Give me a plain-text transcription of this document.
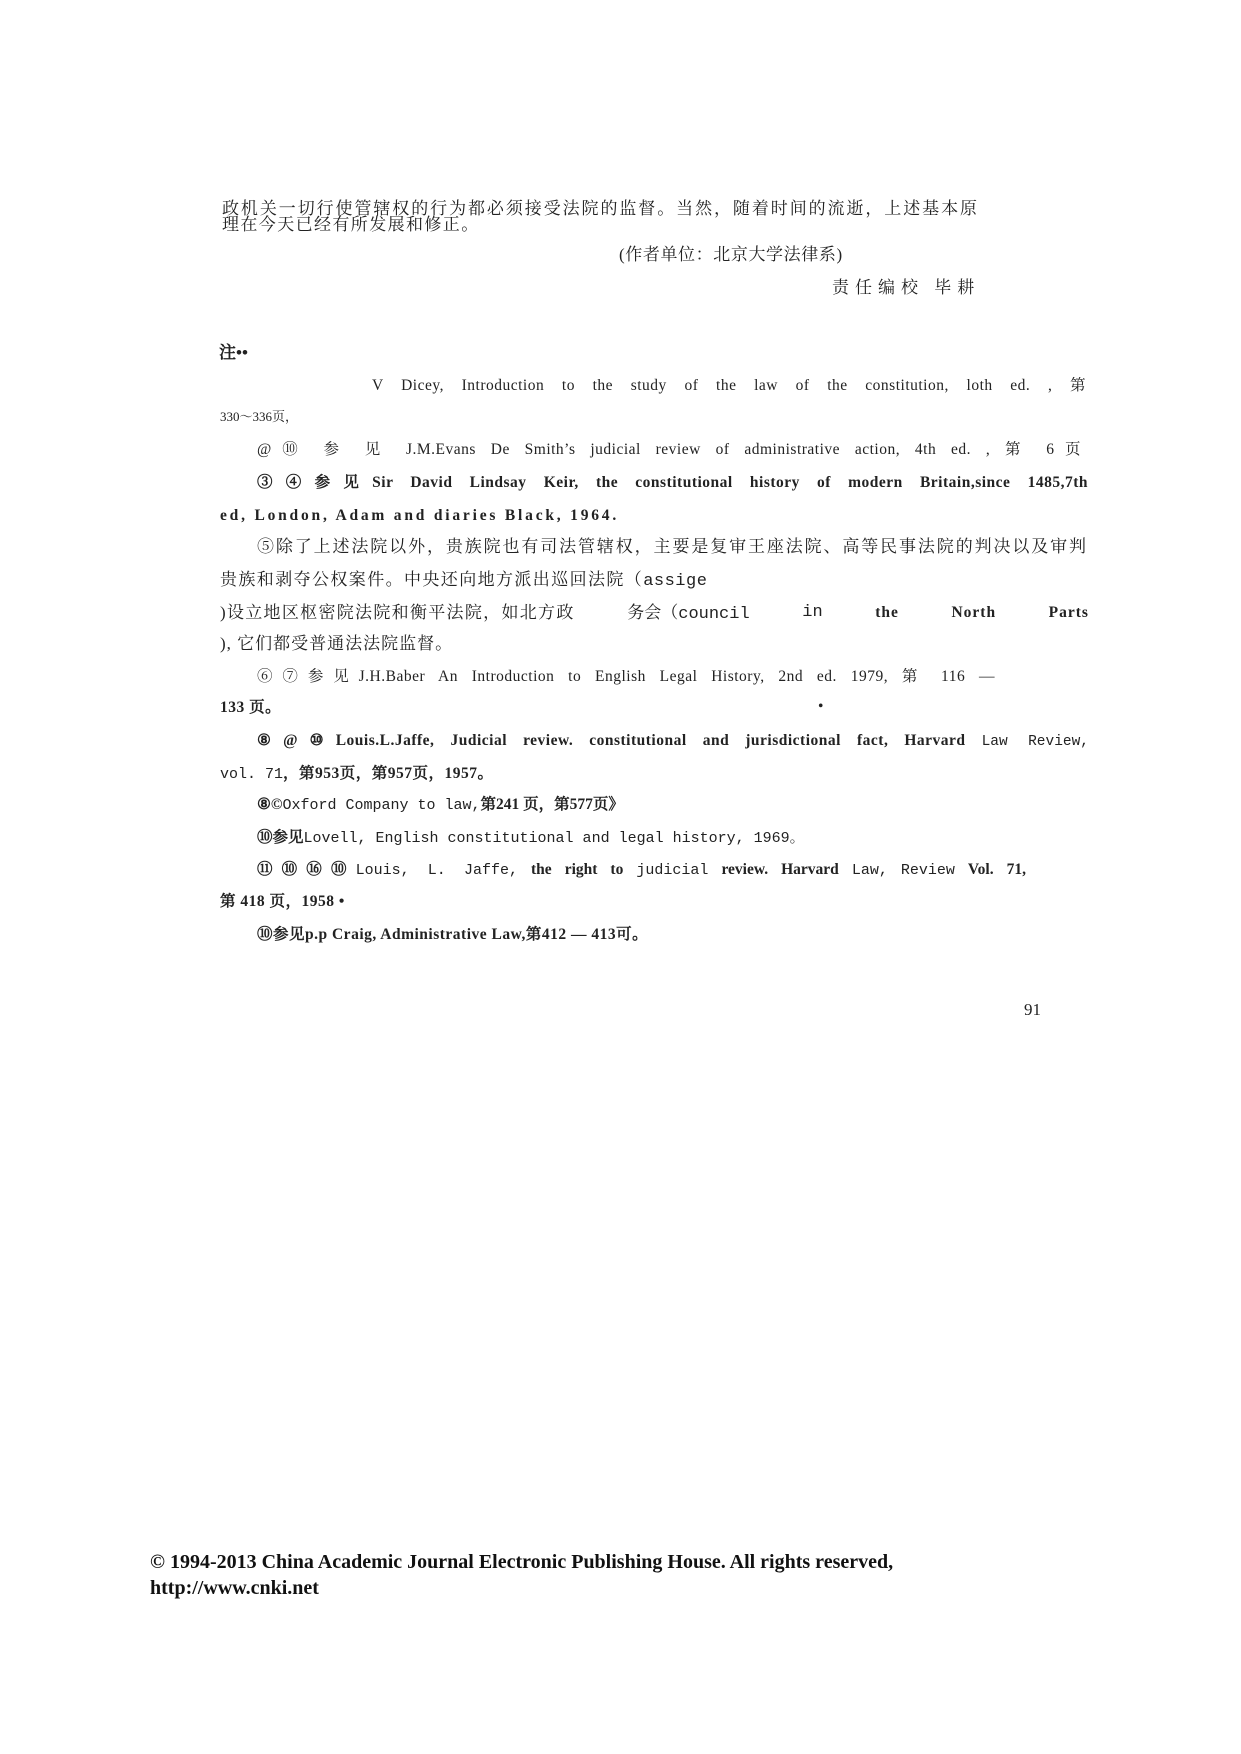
政机关一切行使管辖权的行为都必须接受法院的监督。当然，随着时间的流逝，上述基本原
理在今天已经有所发展和修正。
(作者单位：北京大学法律系)
责任编校 毕耕
注••
V Dicey, Introduction to the study of the law of the constitution, loth ed. , 第
330～336页，
@⑩ 参 见 J.M.Evans De Smith’s judicial review of administrative action, 4th ed. , 第 6页
③④参见Sir David Lindsay Keir, the constitutional history of modern Britain,since 1485,7th
ed, London, Adam and diaries Black, 1964.
⑤除了上述法院以外，贵族院也有司法管辖权，主要是复审王座法院、高等民事法院的判决以及审判
贵族和剥夺公权案件。中央还向地方派出巡回法院（assige
)设立地区枢密院法院和衡平法院，如北方政	务会（council	in	the	North	Parts
), 它们都受普通法法院监督。
⑥⑦参见J.H.Baber An Introduction to English Legal History, 2nd ed. 1979, 第 116 —
133 页。	•
⑧@⑩Louis.L.Jaffe, Judicial review. constitutional and jurisdictional fact, Harvard Law Review,
vol. 71，第953页，第957页，1957。
⑧©Oxford Company to law,第241 页，第577页》
⑩参见Lovell, English constitutional and legal history, 1969。
⑪⑩⑯⑩Louis, L. Jaffe, the right to judicial review. Harvard Law, Review Vol. 71,
第 418 页，1958 •
⑩参见p.p Craig, Administrative Law,第412 — 413可。
91
© 1994-2013 China Academic Journal Electronic Publishing House. All rights reserved,
http://www.cnki.net
